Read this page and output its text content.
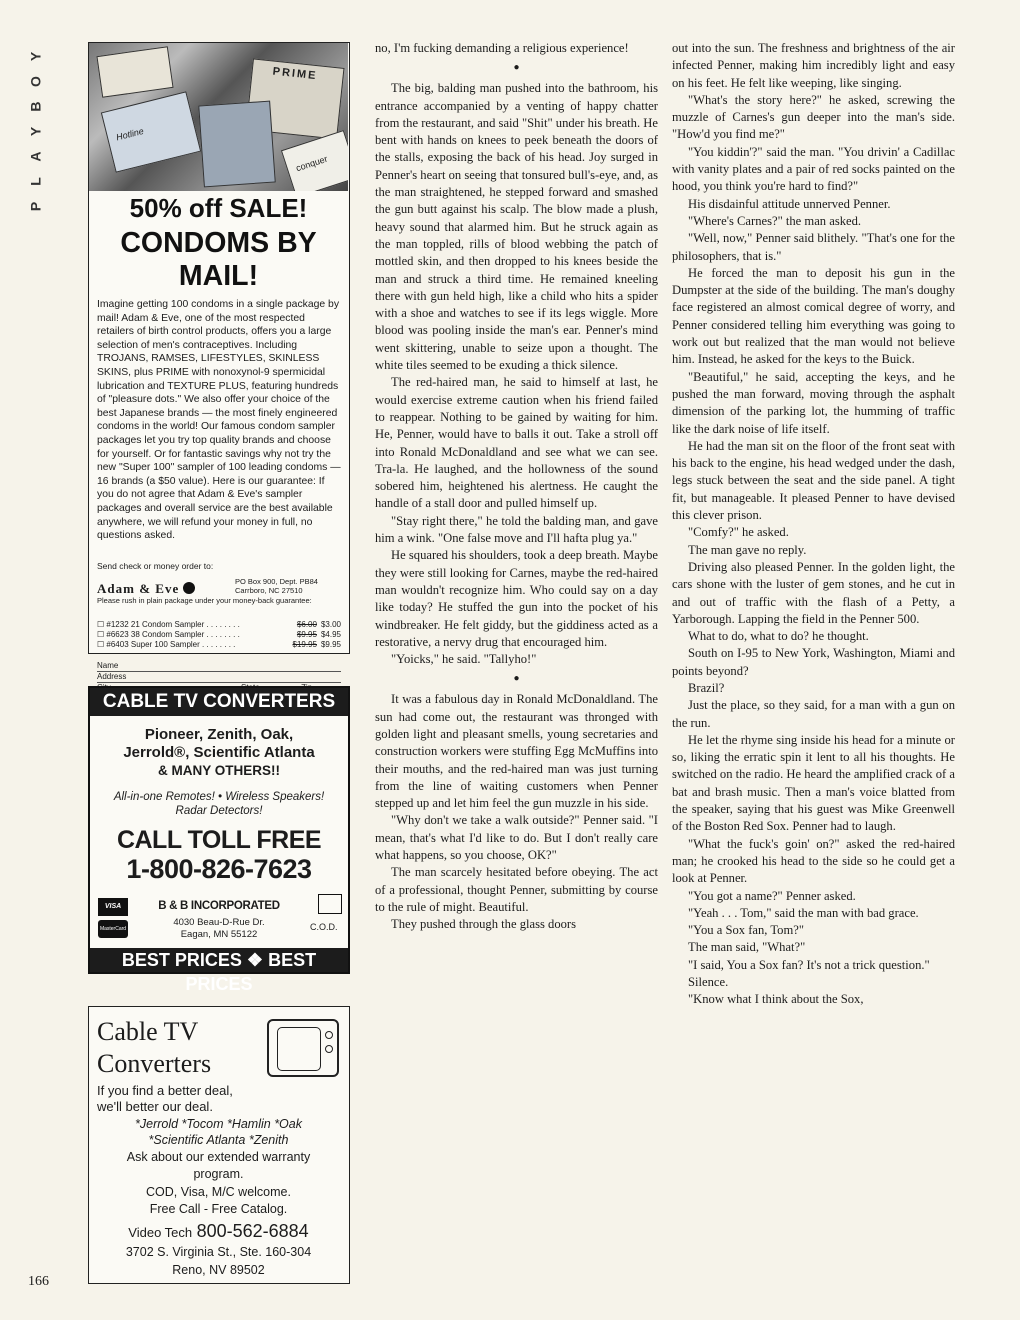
Y
O
B
Y
A
L
P
166
PRIME
Hotline
conquer
50% off SALE!
CONDOMS BY MAIL!
Imagine getting 100 condoms in a single package by mail! Adam & Eve, one of the most respected retailers of birth control products, offers you a large selection of men's contraceptives. Including TROJANS, RAMSES, LIFESTYLES, SKINLESS SKINS, plus PRIME with nonoxynol-9 spermicidal lubrication and TEXTURE PLUS, featuring hundreds of "pleasure dots." We also offer your choice of the best Japanese brands — the most finely engineered condoms in the world! Our famous condom sampler packages let you try top quality brands and choose for yourself. Or for fantastic savings why not try the new "Super 100" sampler of 100 leading condoms — 16 brands (a $50 value). Here is our guarantee: If you do not agree that Adam & Eve's sampler packages and overall service are the best available anywhere, we will refund your money in full, no questions asked.
Send check or money order to:
Adam & Eve	PO Box 900, Dept. PB84
Carrboro, NC 27510
Please rush in plain package under your money-back guarantee:
☐ #1232 21 Condom Sampler . . . . . . . .	$6.00 $3.00
☐ #6623 38 Condom Sampler . . . . . . . .	$9.95 $4.95
☐ #6403 Super 100 Sampler . . . . . . . .	$19.95 $9.95
Name
Address
CABLE TV CONVERTERS
Pioneer, Zenith, Oak,
Jerrold®, Scientific Atlanta
& MANY OTHERS!!
All-in-one Remotes! • Wireless Speakers!
Radar Detectors!
CALL TOLL FREE
1-800-826-7623
VISA
MasterCard
B & B INCORPORATED
4030 Beau-D-Rue Dr.
Eagan, MN 55122
C.O.D.
BEST PRICES ❖ BEST PRICES
Cable TV
Converters
If you find a better deal,
we'll better our deal.
*Jerrold *Tocom *Hamlin *Oak
*Scientific Atlanta *Zenith
Ask about our extended warranty
program.
COD, Visa, M/C welcome.
Free Call - Free Catalog.
Video Tech 800-562-6884
3702 S. Virginia St., Ste. 160-304
Reno, NV 89502

no, I'm fucking demanding a religious experience!

●

The big, balding man pushed into the bathroom, his entrance accompanied by a venting of happy chatter from the restaurant, and said "Shit" under his breath. He bent with hands on knees to peek beneath the doors of the stalls, exposing the back of his head. Joy surged in Penner's heart on seeing that tonsured bull's-eye, and, as the man straightened, he stepped forward and smashed the gun butt against his scalp. The blow made a plush, heavy sound that alarmed him. But he struck again as the man toppled, rills of blood webbing the patch of mottled skin, and then dropped to his knees beside the man and struck a third time. He remained kneeling there with gun held high, like a child who hits a spider with a shoe and watches to see if its legs wiggle. More blood was pooling inside the man's ear. Penner's mind went skittering, unable to seize upon a thought. The white tiles seemed to be exuding a thick silence.

The red-haired man, he said to himself at last, he would exercise extreme caution when his friend failed to reappear. Nothing to be gained by waiting for him. He, Penner, would have to balls it out. Take a stroll off into Ronald McDonaldland and see what we can see. Tra-la. He laughed, and the hollowness of the sound sobered him, heightened his alertness. He caught the handle of a stall door and pulled himself up.

"Stay right there," he told the balding man, and gave him a wink. "One false move and I'll hafta plug ya."

He squared his shoulders, took a deep breath. Maybe they were still looking for Carnes, maybe the red-haired man wouldn't recognize him. Who could say on a day like today? He stuffed the gun into the pocket of his windbreaker. He felt giddy, but the giddiness acted as a restorative, a nervy drug that encouraged him.

"Yoicks," he said. "Tallyho!"

●

It was a fabulous day in Ronald McDonaldland. The sun had come out, the restaurant was thronged with golden light and pleasant smells, young secretaries and construction workers were stuffing Egg McMuffins into their mouths, and the red-haired man was just turning from the line of waiting customers when Penner stepped up and let him feel the gun muzzle in his side.

"Why don't we take a walk outside?" Penner said. "I mean, that's what I'd like to do. But I don't really care what happens, so you choose, OK?"

The man scarcely hesitated before obeying. The act of a professional, thought Penner, submitting by course to the rule of might. Beautiful.

They pushed through the glass doors

out into the sun. The freshness and brightness of the air infected Penner, making him incredibly light and easy on his feet. He felt like weeping, like singing.

"What's the story here?" he asked, screwing the muzzle of Carnes's gun deeper into the man's side. "How'd you find me?"

"You kiddin'?" said the man. "You drivin' a Cadillac with vanity plates and a pair of red socks painted on the hood, you think you're hard to find?"

His disdainful attitude unnerved Penner.

"Where's Carnes?" the man asked.

"Well, now," Penner said blithely. "That's one for the philosophers, that is."

He forced the man to deposit his gun in the Dumpster at the side of the building. The man's doughy face registered an almost comical degree of worry, and Penner considered telling him everything was going to work out but realized that the man would not believe him. Instead, he asked for the keys to the Buick.

"Beautiful," he said, accepting the keys, and he pushed the man forward, moving through the asphalt dimension of the parking lot, the humming of traffic like the dark noise of life itself.

He had the man sit on the floor of the front seat with his back to the engine, his head wedged under the dash, legs stuck between the seat and the side panel. A tight fit, but manageable. It pleased Penner to have devised this clever prison.

"Comfy?" he asked.

The man gave no reply.

Driving also pleased Penner. In the golden light, the cars shone with the luster of gem stones, and he cut in and out of traffic with the flash of a Petty, a Yarborough. Lapping the field in the Penner 500.

What to do, what to do? he thought.

South on I-95 to New York, Washington, Miami and points beyond?

Brazil?

Just the place, so they said, for a man with a gun on the run.

He let the rhyme sing inside his head for a minute or so, liking the erratic spin it lent to all his thoughts. He switched on the radio. He heard the amplified crack of a bat and brash music. Then a man's voice blatted from the speaker, saying that his guest was Mike Greenwell of the Boston Red Sox. Penner had to laugh.

"What the fuck's goin' on?" asked the red-haired man; he crooked his head to the side so he could get a look at Penner.

"You got a name?" Penner asked.

"Yeah . . . Tom," said the man with bad grace.

"You a Sox fan, Tom?"

The man said, "What?"

"I said, You a Sox fan? It's not a trick question."

Silence.

"Know what I think about the Sox,
